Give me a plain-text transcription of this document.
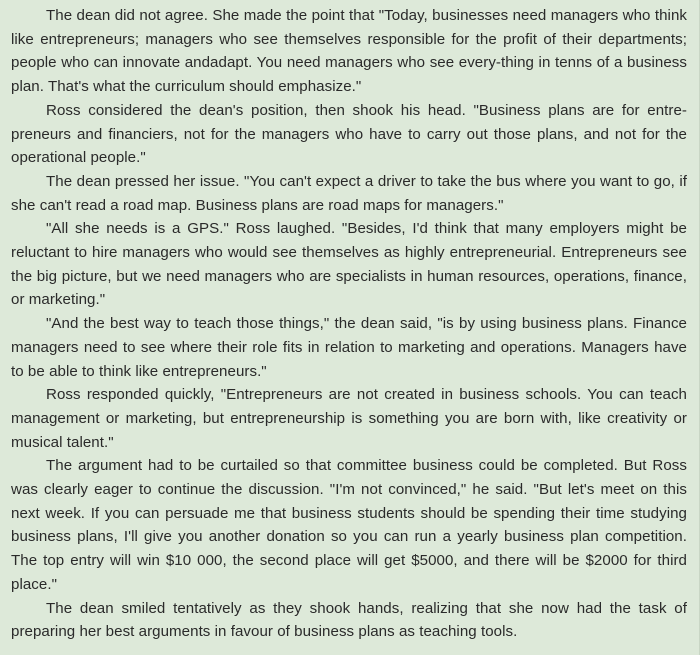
The dean did not agree. She made the point that "Today, businesses need managers who think like entrepreneurs; managers who see themselves responsible for the profit of their departments; people who can innovate andadapt. You need managers who see every-thing in tenns of a business plan. That's what the curriculum should emphasize."

Ross considered the dean's position, then shook his head. "Business plans are for entre-preneurs and financiers, not for the managers who have to carry out those plans, and not for the operational people."

The dean pressed her issue. "You can't expect a driver to take the bus where you want to go, if she can't read a road map. Business plans are road maps for managers."

"All she needs is a GPS." Ross laughed. "Besides, I'd think that many employers might be reluctant to hire managers who would see themselves as highly entrepreneurial. Entrepreneurs see the big picture, but we need managers who are specialists in human resources, operations, finance, or marketing."

"And the best way to teach those things," the dean said, "is by using business plans. Finance managers need to see where their role fits in relation to marketing and operations. Managers have to be able to think like entrepreneurs."

Ross responded quickly, "Entrepreneurs are not created in business schools. You can teach management or marketing, but entrepreneurship is something you are born with, like creativity or musical talent."

The argument had to be curtailed so that committee business could be completed. But Ross was clearly eager to continue the discussion. "I'm not convinced," he said. "But let's meet on this next week. If you can persuade me that business students should be spending their time studying business plans, I'll give you another donation so you can run a yearly business plan competition. The top entry will win $10 000, the second place will get $5000, and there will be $2000 for third place."

The dean smiled tentatively as they shook hands, realizing that she now had the task of preparing her best arguments in favour of business plans as teaching tools.
